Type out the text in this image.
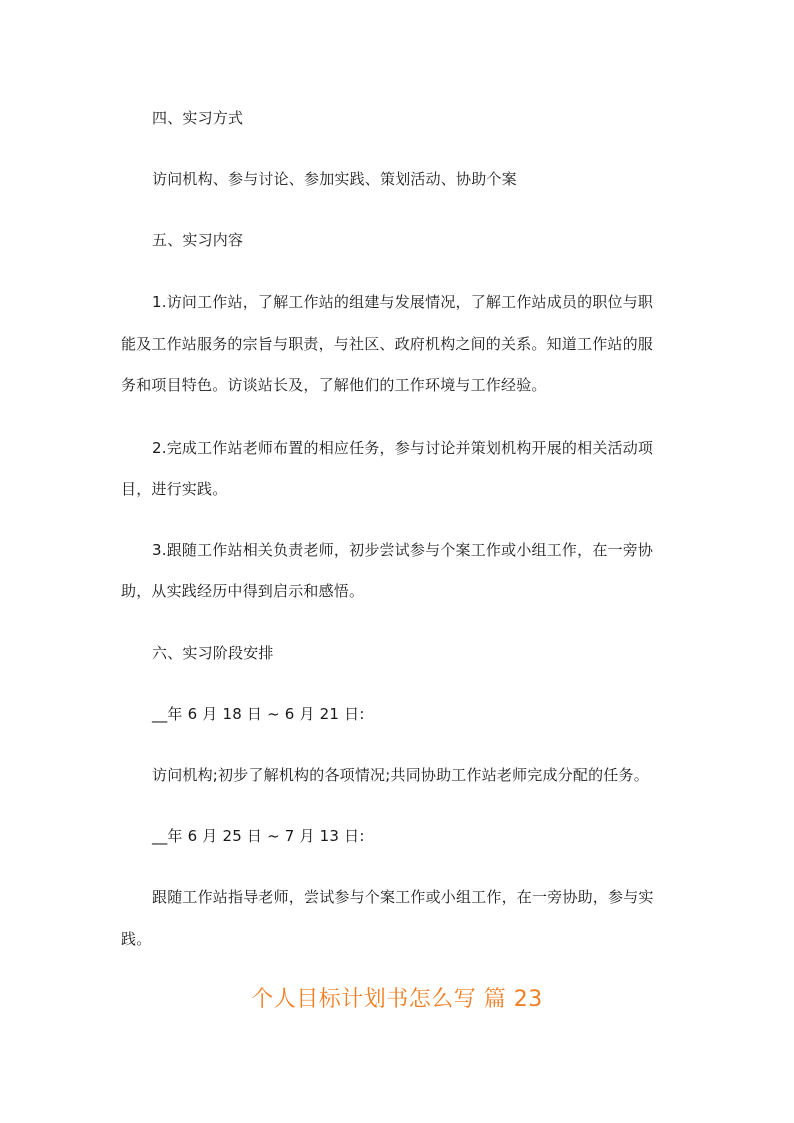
四、实习方式
访问机构、参与讨论、参加实践、策划活动、协助个案
五、实习内容
1.访问工作站，了解工作站的组建与发展情况，了解工作站成员的职位与职
能及工作站服务的宗旨与职责，与社区、政府机构之间的关系。知道工作站的服
务和项目特色。访谈站长及，了解他们的工作环境与工作经验。
2.完成工作站老师布置的相应任务，参与讨论并策划机构开展的相关活动项
目，进行实践。
3.跟随工作站相关负责老师，初步尝试参与个案工作或小组工作，在一旁协
助，从实践经历中得到启示和感悟。
六、实习阶段安排
__年 6 月 18 日 ~ 6 月 21 日:
访问机构;初步了解机构的各项情况;共同协助工作站老师完成分配的任务。
__年 6 月 25 日 ~ 7 月 13 日:
跟随工作站指导老师，尝试参与个案工作或小组工作，在一旁协助，参与实
践。
个人目标计划书怎么写 篇 23
